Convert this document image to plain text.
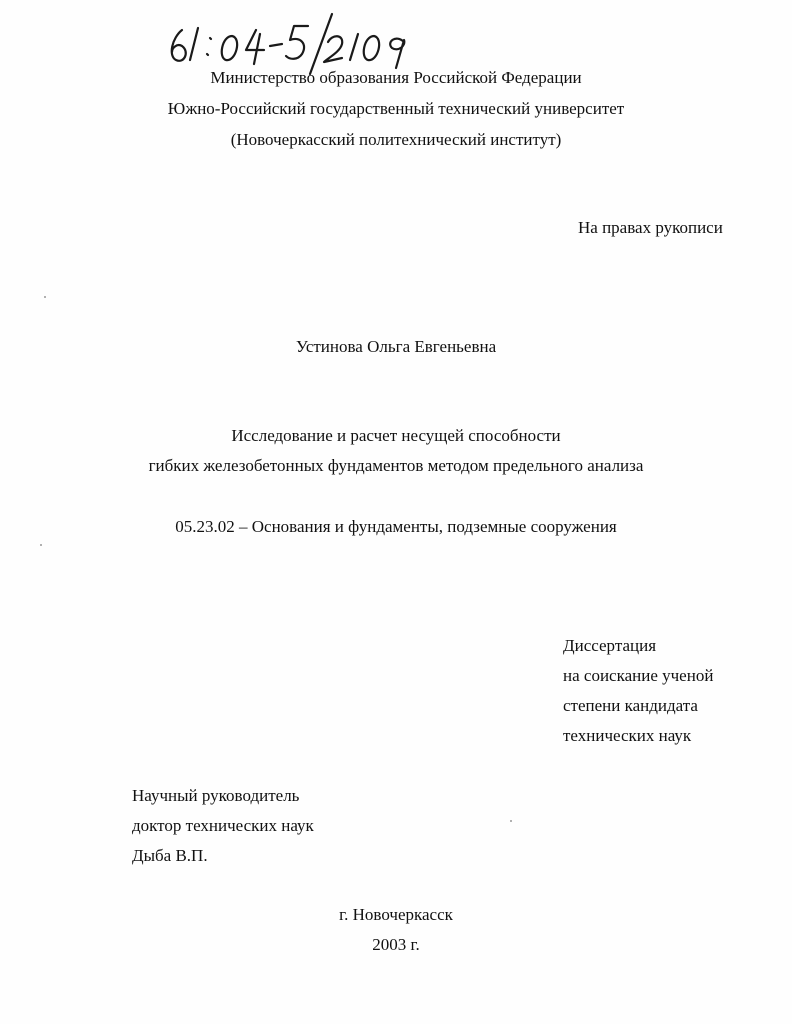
Министерство образования Российской Федерации
Южно-Российский государственный технический университет
(Новочеркасский политехнический институт)
На правах рукописи
Устинова Ольга Евгеньевна
Исследование и расчет несущей способности
гибких железобетонных фундаментов методом предельного анализа
05.23.02 – Основания и фундаменты, подземные сооружения
Диссертация
на соискание ученой
степени кандидата
технических наук
Научный руководитель
доктор технических наук
Дыба В.П.
г. Новочеркасск
2003 г.
